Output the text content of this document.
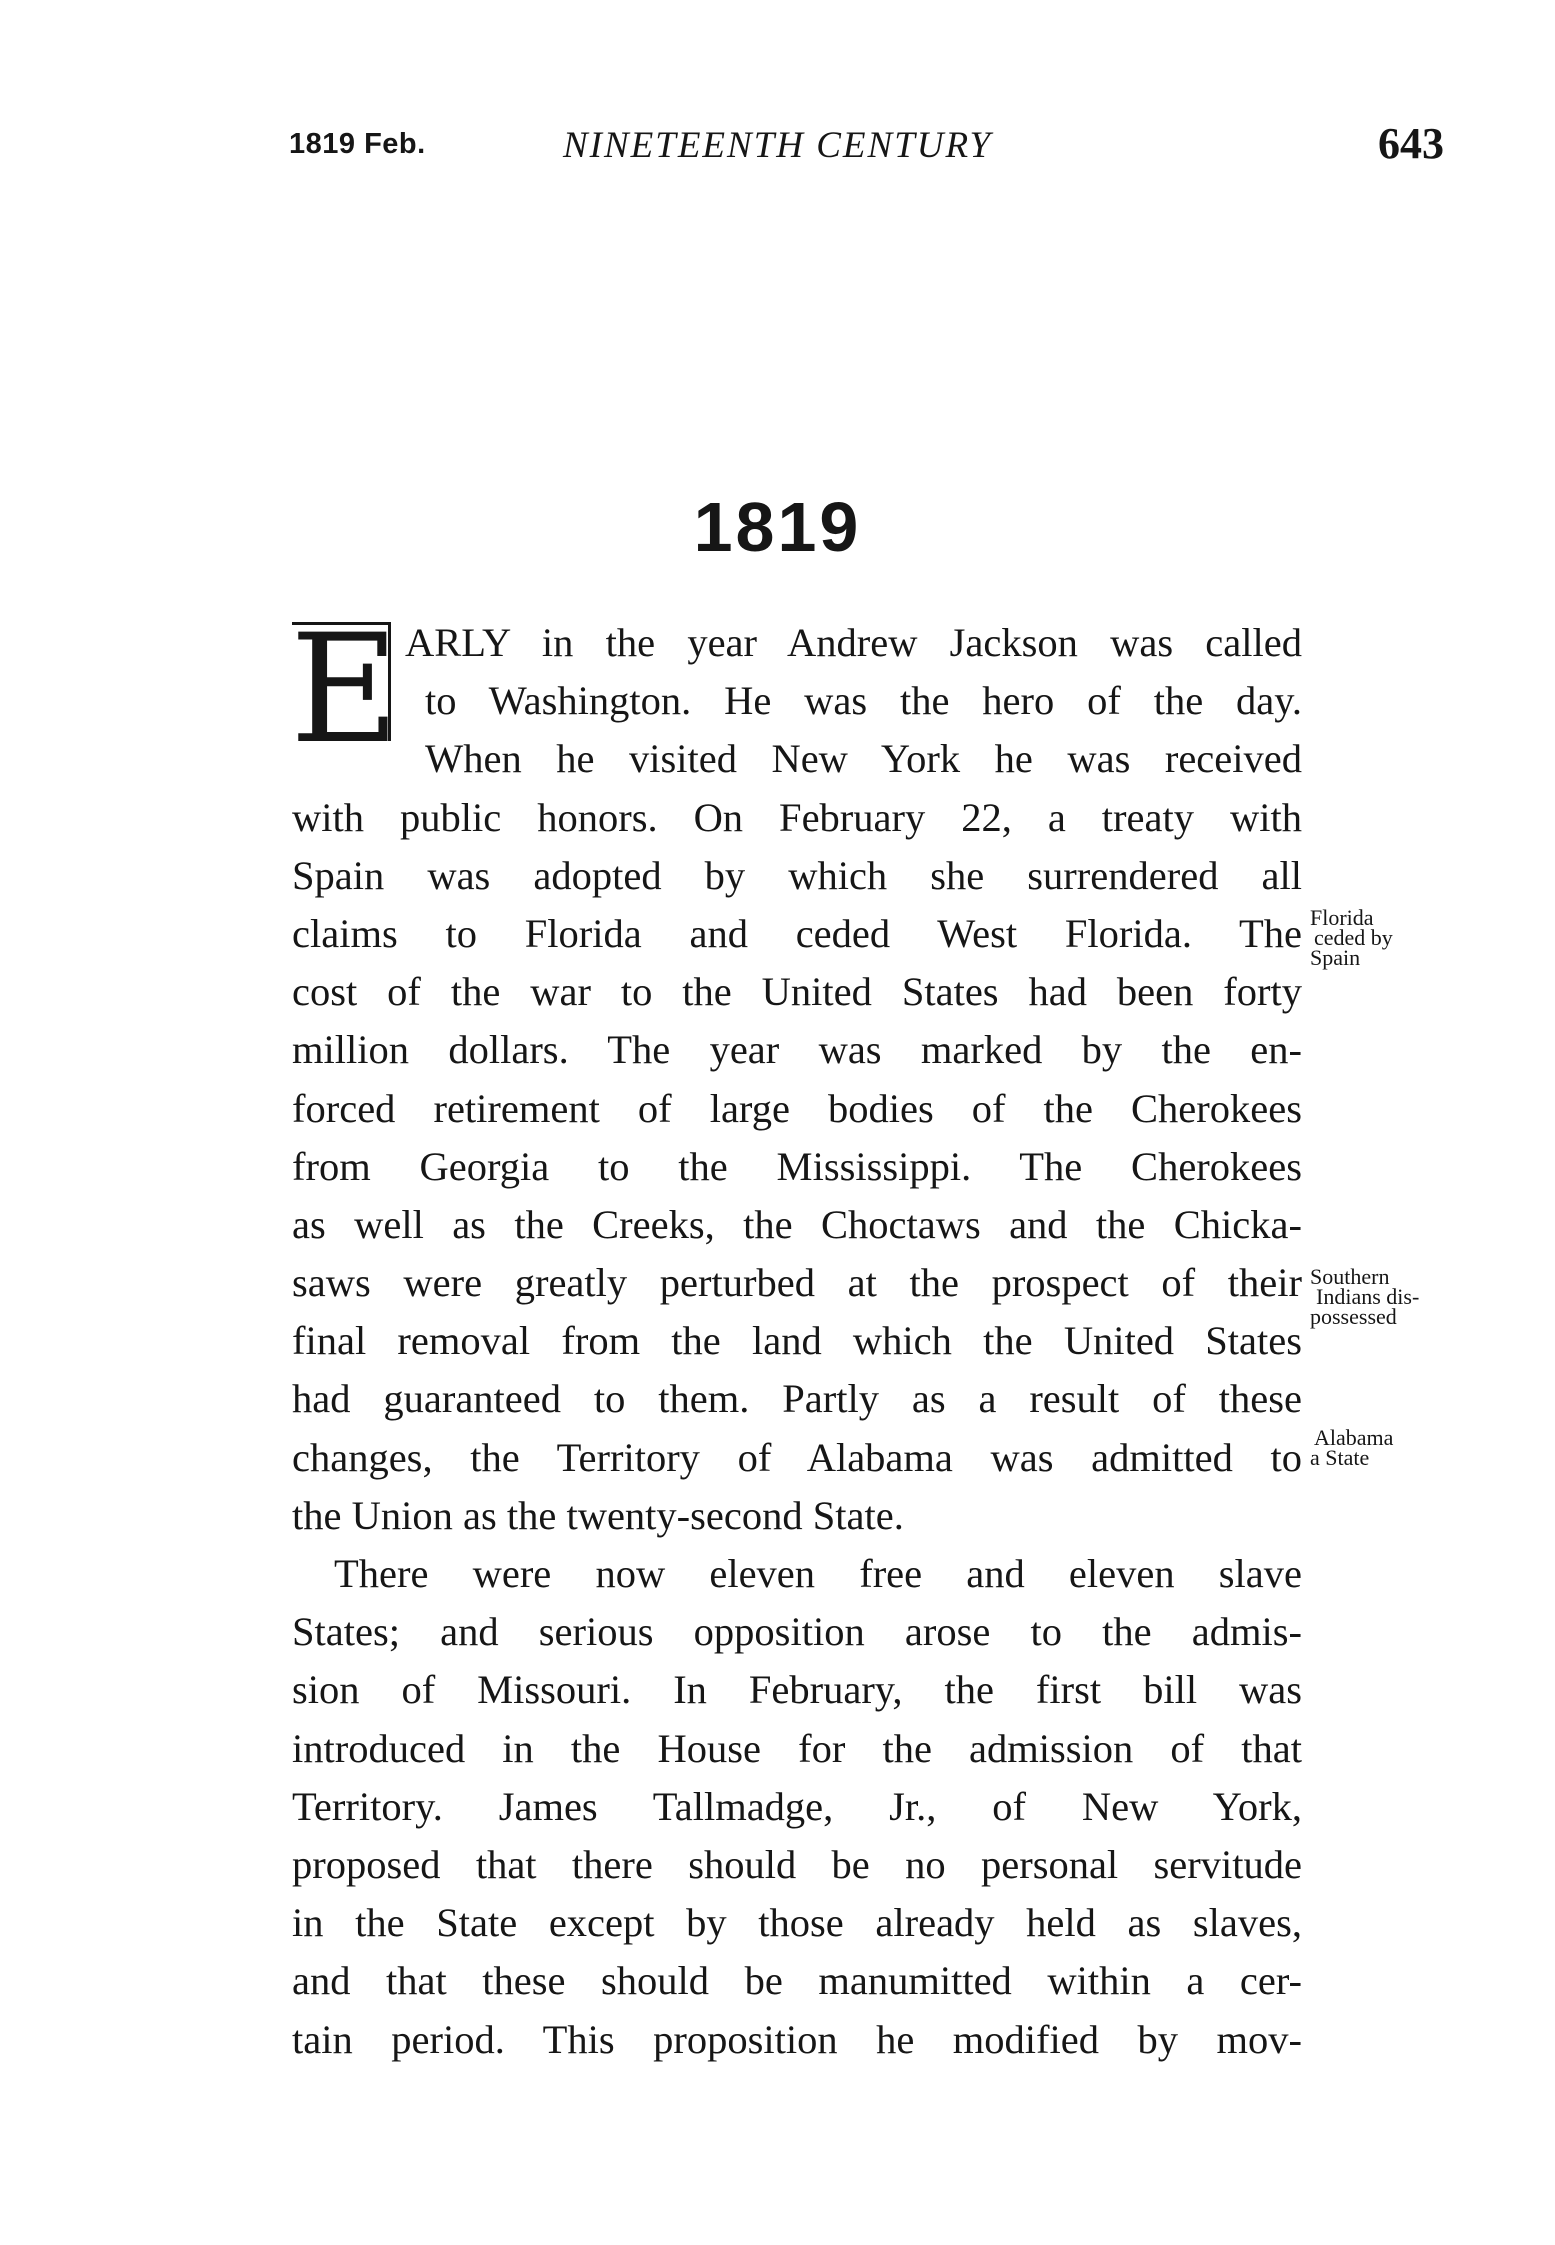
1819 Feb.	NINETEENTH CENTURY	643
1819
E ARLY in the year Andrew Jackson was called
to Washington. He was the hero of the day.
When he visited New York he was received
with public honors. On February 22, a treaty with
Spain was adopted by which she surrendered all
claims to Florida and ceded West Florida. The
cost of the war to the United States had been forty
million dollars. The year was marked by the en-
forced retirement of large bodies of the Cherokees
from Georgia to the Mississippi. The Cherokees
as well as the Creeks, the Choctaws and the Chicka-
saws were greatly perturbed at the prospect of their
final removal from the land which the United States
had guaranteed to them. Partly as a result of these
changes, the Territory of Alabama was admitted to
the Union as the twenty-second State.
There were now eleven free and eleven slave
States; and serious opposition arose to the admis-
sion of Missouri. In February, the first bill was
introduced in the House for the admission of that
Territory. James Tallmadge, Jr., of New York,
proposed that there should be no personal servitude
in the State except by those already held as slaves,
and that these should be manumitted within a cer-
tain period. This proposition he modified by mov-
Florida
ceded by
Spain
Southern
Indians dis-
possessed
Alabama
a State
